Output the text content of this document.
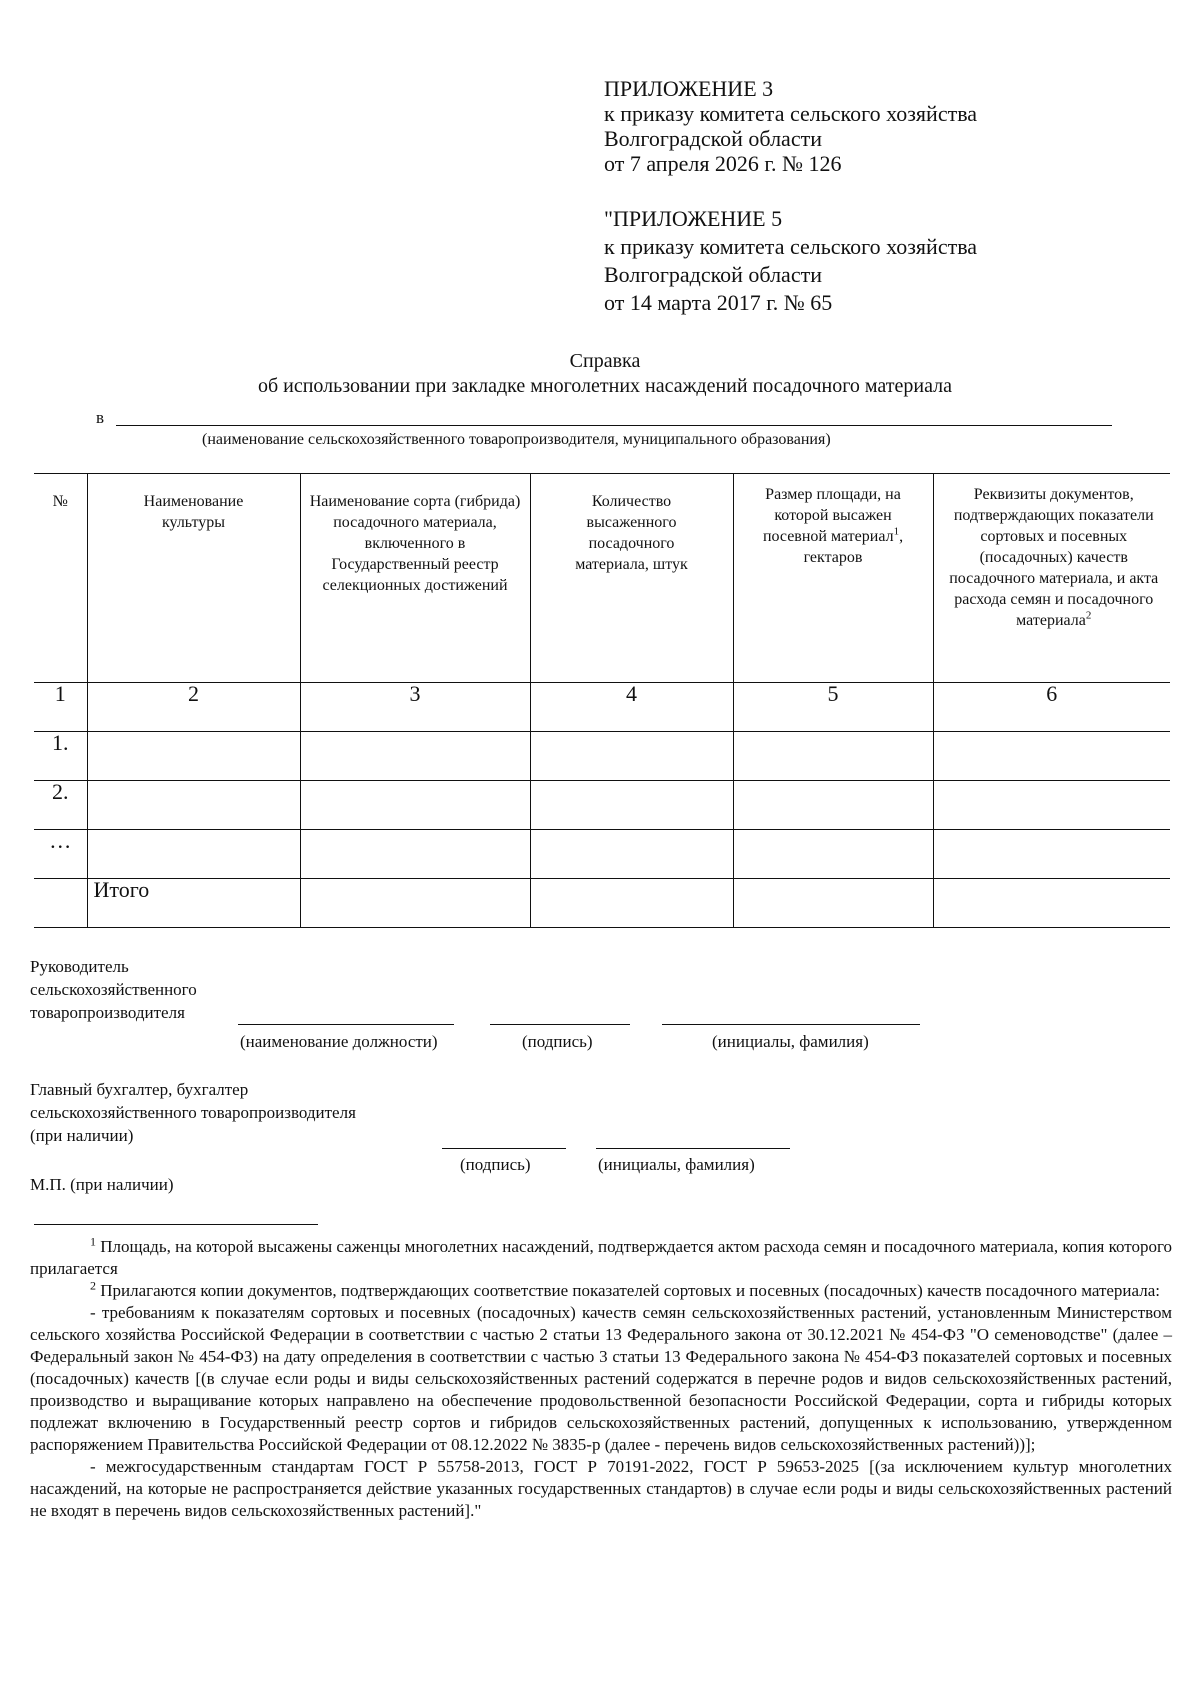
ПРИЛОЖЕНИЕ 3
к приказу комитета сельского хозяйства
Волгоградской области
от 7 апреля 2026 г. № 126
"ПРИЛОЖЕНИЕ 5
к приказу комитета сельского хозяйства
Волгоградской области
от 14 марта 2017 г. № 65
Справка
об использовании при закладке многолетних насаждений посадочного материала
в
(наименование сельскохозяйственного товаропроизводителя, муниципального образования)
№	Наименование культуры	Наименование сорта (гибрида) посадочного материала, включенного в Государственный реестр селекционных достижений	Количество высаженного посадочного материала, штук	Размер площади, на которой высажен посевной материал$^1$, гектаров	Реквизиты документов, подтверждающих показатели сортовых и посевных (посадочных) качеств посадочного материала, и акта расхода семян и посадочного материала$^2$
1	2	3	4	5	6
1.					
2.					
…					
	Итого				
Руководитель
сельскохозяйственного
товаропроизводителя
(наименование должности)	(подпись)	(инициалы, фамилия)
Главный бухгалтер, бухгалтер
сельскохозяйственного товаропроизводителя
(при наличии)
(подпись)	(инициалы, фамилия)
М.П. (при наличии)

$^1$ Площадь, на которой высажены саженцы многолетних насаждений, подтверждается актом расхода семян и посадочного материала, копия которого прилагается

$^2$ Прилагаются копии документов, подтверждающих соответствие показателей сортовых и посевных (посадочных) качеств посадочного материала:

- требованиям к показателям сортовых и посевных (посадочных) качеств семян сельскохозяйственных растений, установленным Министерством сельского хозяйства Российской Федерации в соответствии с частью 2 статьи 13 Федерального закона от 30.12.2021 № 454-ФЗ "О семеноводстве" (далее – Федеральный закон № 454-ФЗ) на дату определения в соответствии с частью 3 статьи 13 Федерального закона № 454-ФЗ показателей сортовых и посевных (посадочных) качеств [(в случае если роды и виды сельскохозяйственных растений содержатся в перечне родов и видов сельскохозяйственных растений, производство и выращивание которых направлено на обеспечение продовольственной безопасности Российской Федерации, сорта и гибриды которых подлежат включению в Государственный реестр сортов и гибридов сельскохозяйственных растений, допущенных к использованию, утвержденном распоряжением Правительства Российской Федерации от 08.12.2022 № 3835-р (далее - перечень видов сельскохозяйственных растений))];

- межгосударственным стандартам ГОСТ Р 55758-2013, ГОСТ Р 70191-2022, ГОСТ Р 59653-2025 [(за исключением культур многолетних насаждений, на которые не распространяется действие указанных государственных стандартов) в случае если роды и виды сельскохозяйственных растений не входят в перечень видов сельскохозяйственных растений]."
